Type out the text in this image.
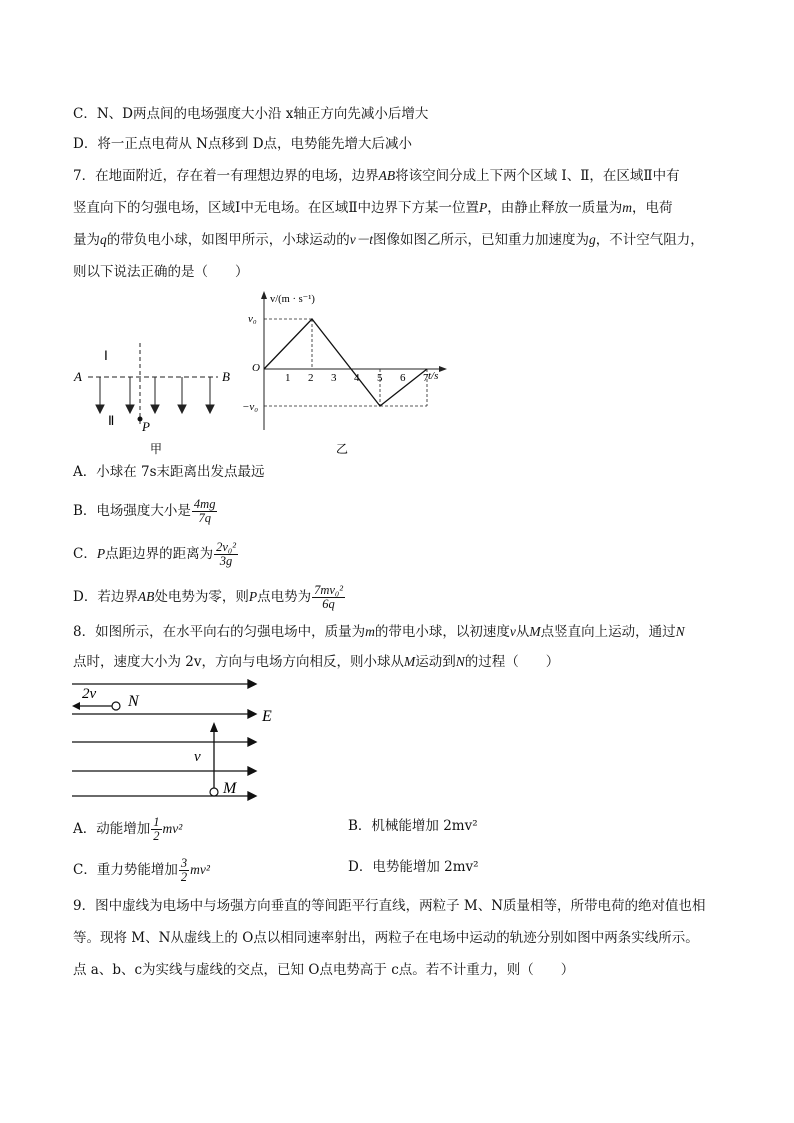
C．N、D两点间的电场强度大小沿 x轴正方向先减小后增大
D．将一正点电荷从 N点移到 D点，电势能先增大后减小
7．在地面附近，存在着一有理想边界的电场，边界AB将该空间分成上下两个区域 Ⅰ、Ⅱ，在区域Ⅱ中有
竖直向下的匀强电场，区域Ⅰ中无电场。在区域Ⅱ中边界下方某一位置P，由静止释放一质量为m，电荷
量为q的带负电小球，如图甲所示，小球运动的v－t图像如图乙所示，已知重力加速度为g，不计空气阻力，
则以下说法正确的是（　　）
Ⅰ
A	B
Ⅱ P
甲
v/(m · s⁻¹)
t/s
O
v₀
−v₀
1 2 3 4 5 6 7
乙
A．小球在 7s末距离出发点最远
B．电场强度大小是 $\frac{4mg}{7q}$
C．P点距边界的距离为 $\frac{\text{2v₀²}}{3g}$
D．若边界AB处电势为零，则P点电势为 $\frac{\text{7mv₀²}}{6q}$
8．如图所示，在水平向右的匀强电场中，质量为m的带电小球，以初速度v从M点竖直向上运动，通过N
点时，速度大小为 2v，方向与电场方向相反，则小球从M运动到N的过程（　　）
2v N
E
v
M
A．动能增加 $\frac{1}{2} mv^2$	B．机械能增加 2mv²
C．重力势能增加 $\frac{3}{2} mv^2$	D．电势能增加 2mv²
9．图中虚线为电场中与场强方向垂直的等间距平行直线，两粒子 M、N质量相等，所带电荷的绝对值也相
等。现将 M、N从虚线上的 O点以相同速率射出，两粒子在电场中运动的轨迹分别如图中两条实线所示。
点 a、b、c为实线与虚线的交点，已知 O点电势高于 c点。若不计重力，则（　　）
